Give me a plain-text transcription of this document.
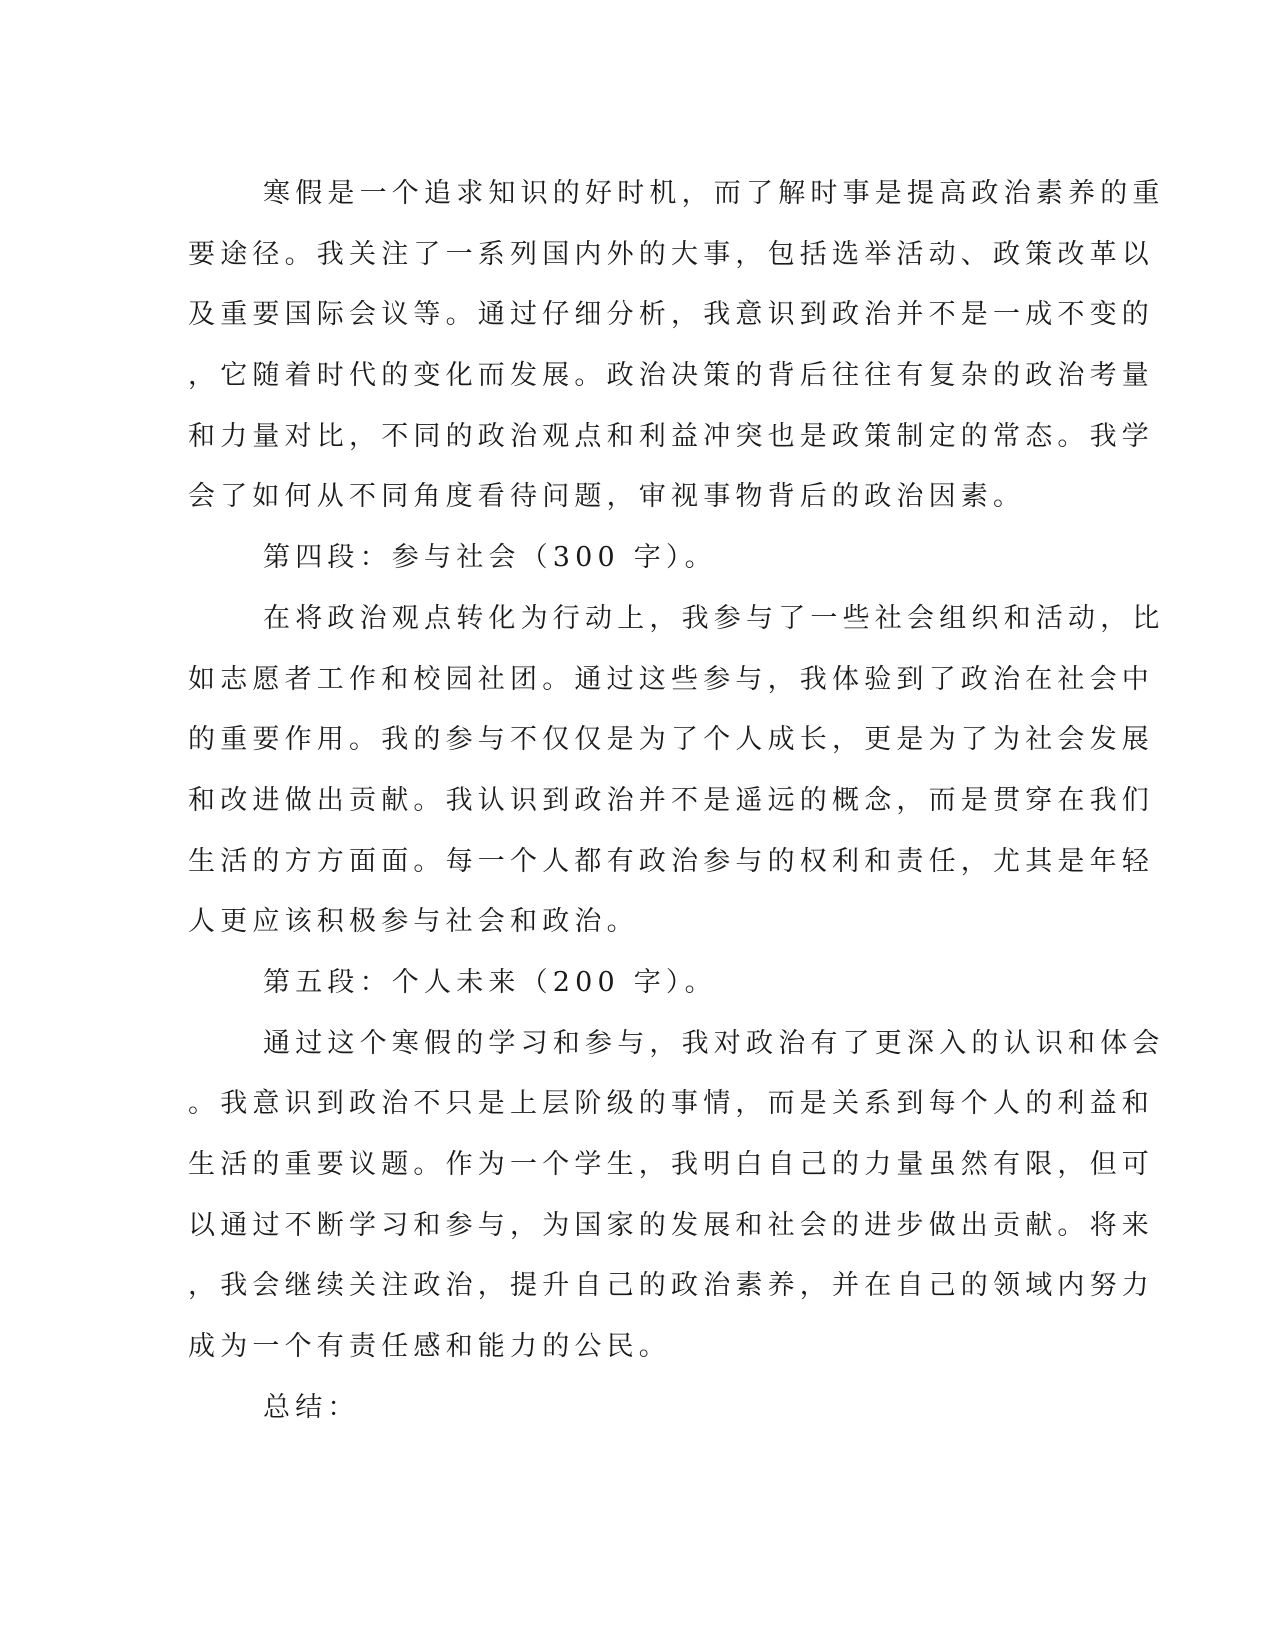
寒假是一个追求知识的好时机，而了解时事是提高政治素养的重
要途径。我关注了一系列国内外的大事，包括选举活动、政策改革以
及重要国际会议等。通过仔细分析，我意识到政治并不是一成不变的
，它随着时代的变化而发展。政治决策的背后往往有复杂的政治考量
和力量对比，不同的政治观点和利益冲突也是政策制定的常态。我学
会了如何从不同角度看待问题，审视事物背后的政治因素。
第四段：参与社会（300 字）。
在将政治观点转化为行动上，我参与了一些社会组织和活动，比
如志愿者工作和校园社团。通过这些参与，我体验到了政治在社会中
的重要作用。我的参与不仅仅是为了个人成长，更是为了为社会发展
和改进做出贡献。我认识到政治并不是遥远的概念，而是贯穿在我们
生活的方方面面。每一个人都有政治参与的权利和责任，尤其是年轻
人更应该积极参与社会和政治。
第五段：个人未来（200 字）。
通过这个寒假的学习和参与，我对政治有了更深入的认识和体会
。我意识到政治不只是上层阶级的事情，而是关系到每个人的利益和
生活的重要议题。作为一个学生，我明白自己的力量虽然有限，但可
以通过不断学习和参与，为国家的发展和社会的进步做出贡献。将来
，我会继续关注政治，提升自己的政治素养，并在自己的领域内努力
成为一个有责任感和能力的公民。
总结：
